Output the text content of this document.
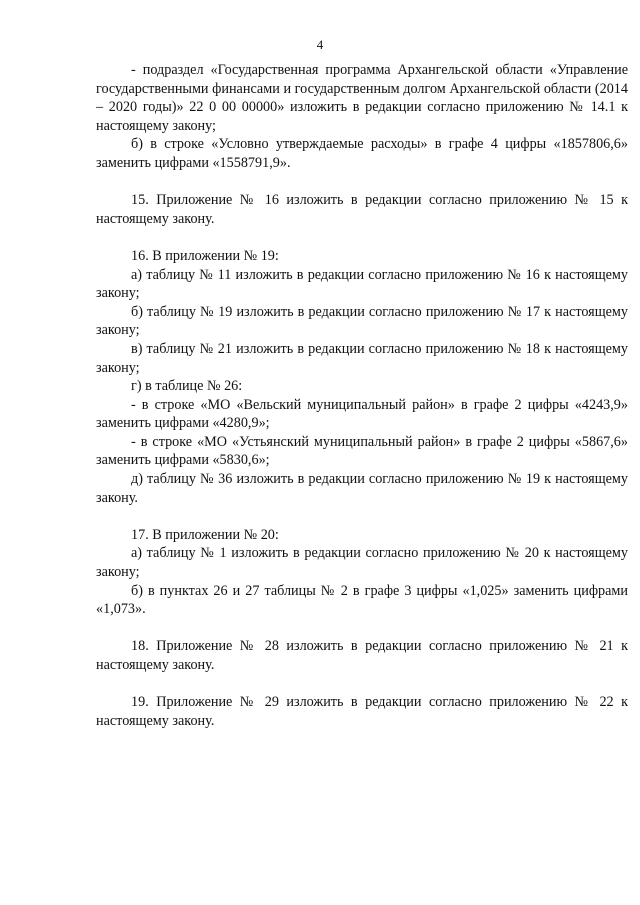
4

- подраздел «Государственная программа Архангельской области «Управление государственными финансами и государственным долгом Архангельской области (2014 – 2020 годы)» 22 0 00 00000» изложить в редакции согласно приложению № 14.1 к настоящему закону;

б) в строке «Условно утверждаемые расходы» в графе 4 цифры «1857806,6» заменить цифрами «1558791,9».

15. Приложение № 16 изложить в редакции согласно приложению № 15 к настоящему закону.

16. В приложении № 19:

а) таблицу № 11 изложить в редакции согласно приложению № 16 к настоящему закону;

б) таблицу № 19 изложить в редакции согласно приложению № 17 к настоящему закону;

в) таблицу № 21 изложить в редакции согласно приложению № 18 к настоящему закону;

г) в таблице № 26:

- в строке «МО «Вельский муниципальный район» в графе 2 цифры «4243,9» заменить цифрами «4280,9»;

- в строке «МО «Устьянский муниципальный район» в графе 2 цифры «5867,6» заменить цифрами «5830,6»;

д) таблицу № 36 изложить в редакции согласно приложению № 19 к настоящему закону.

17. В приложении № 20:

а) таблицу № 1 изложить в редакции согласно приложению № 20 к настоящему закону;

б) в пунктах 26 и 27 таблицы № 2 в графе 3 цифры «1,025» заменить цифрами «1,073».

18. Приложение № 28 изложить в редакции согласно приложению № 21 к настоящему закону.

19. Приложение № 29 изложить в редакции согласно приложению № 22 к настоящему закону.
